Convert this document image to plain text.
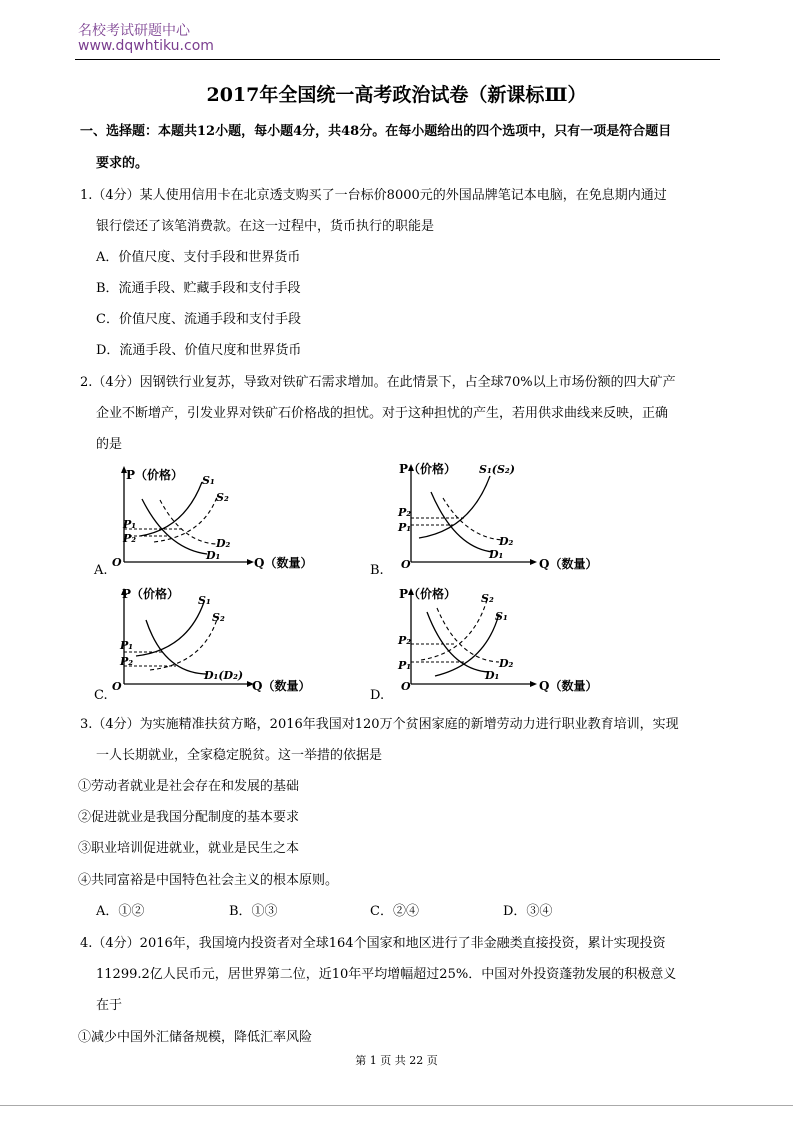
名校考试研题中心
www.dqwhtiku.com
2017年全国统一高考政治试卷（新课标Ⅲ）
一、选择题：本题共12小题，每小题4分，共48分。在每小题给出的四个选项中，只有一项是符合题目
要求的。
1.（4分）某人使用信用卡在北京透支购买了一台标价8000元的外国品牌笔记本电脑，在免息期内通过
银行偿还了该笔消费款。在这一过程中，货币执行的职能是
A．价值尺度、支付手段和世界货币
B．流通手段、贮藏手段和支付手段
C．价值尺度、流通手段和支付手段
D．流通手段、价值尺度和世界货币
2.（4分）因钢铁行业复苏，导致对铁矿石需求增加。在此情景下，占全球70%以上市场份额的四大矿产
企业不断增产，引发业界对铁矿石价格战的担忧。对于这种担忧的产生，若用供求曲线来反映，正确
的是
A.
P（价格）
Q（数量）
O
S₁
S₂
D₂
D₁
P₁
P₂
B.
P（价格）
Q（数量）
O
S₁(S₂)
D₂
D₁
P₂
P₁
C.
P（价格）
Q（数量）
O
S₁
S₂
D₁(D₂)
P₁
P₂
D.
P（价格）
Q（数量）
O
S₂
S₁
D₂
D₁
P₂
P₁
3.（4分）为实施精准扶贫方略，2016年我国对120万个贫困家庭的新增劳动力进行职业教育培训，实现
一人长期就业，全家稳定脱贫。这一举措的依据是
①劳动者就业是社会存在和发展的基础
②促进就业是我国分配制度的基本要求
③职业培训促进就业，就业是民生之本
④共同富裕是中国特色社会主义的根本原则。
A．①②	B．①③	C．②④	D．③④
4.（4分）2016年，我国境内投资者对全球164个国家和地区进行了非金融类直接投资，累计实现投资
11299.2亿人民币元，居世界第二位，近10年平均增幅超过25%．中国对外投资蓬勃发展的积极意义
在于
①减少中国外汇储备规模，降低汇率风险
第 1 页 共 22 页
